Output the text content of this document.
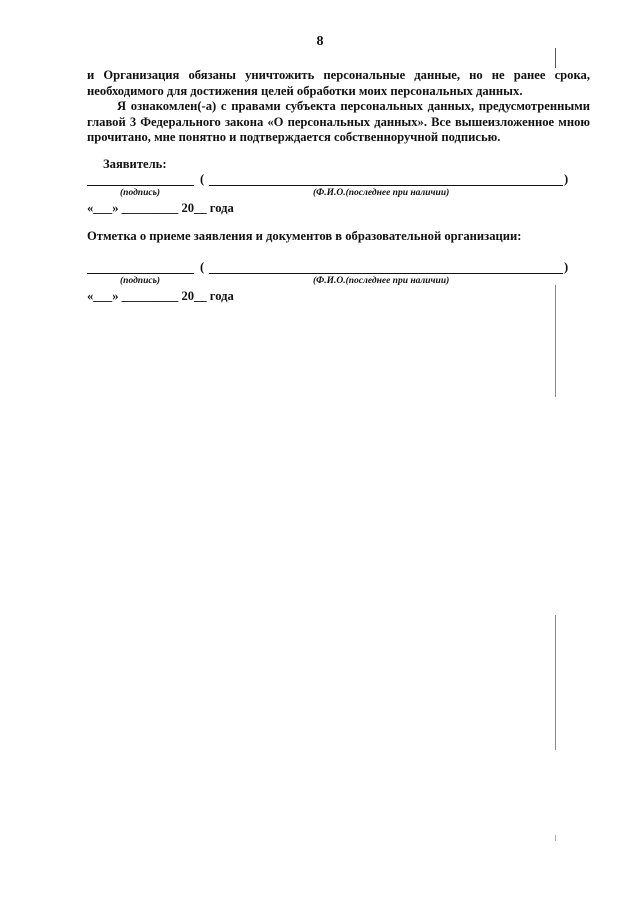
8
и Организация обязаны уничтожить персональные данные, но не ранее срока,
необходимого для достижения целей обработки моих персональных данных.
Я ознакомлен(-а) с правами субъекта персональных данных, предусмотренными
главой 3 Федерального закона «О персональных данных». Все вышеизложенное мною
прочитано, мне понятно и подтверждается собственноручной подписью.
Заявитель:
(	)
(подпись)	(Ф.И.О.(последнее при наличии)
«___» _________ 20__ года
Отметка о приеме заявления и документов в образовательной организации:
(	)
(подпись)	(Ф.И.О.(последнее при наличии)
«___» _________ 20__ года
